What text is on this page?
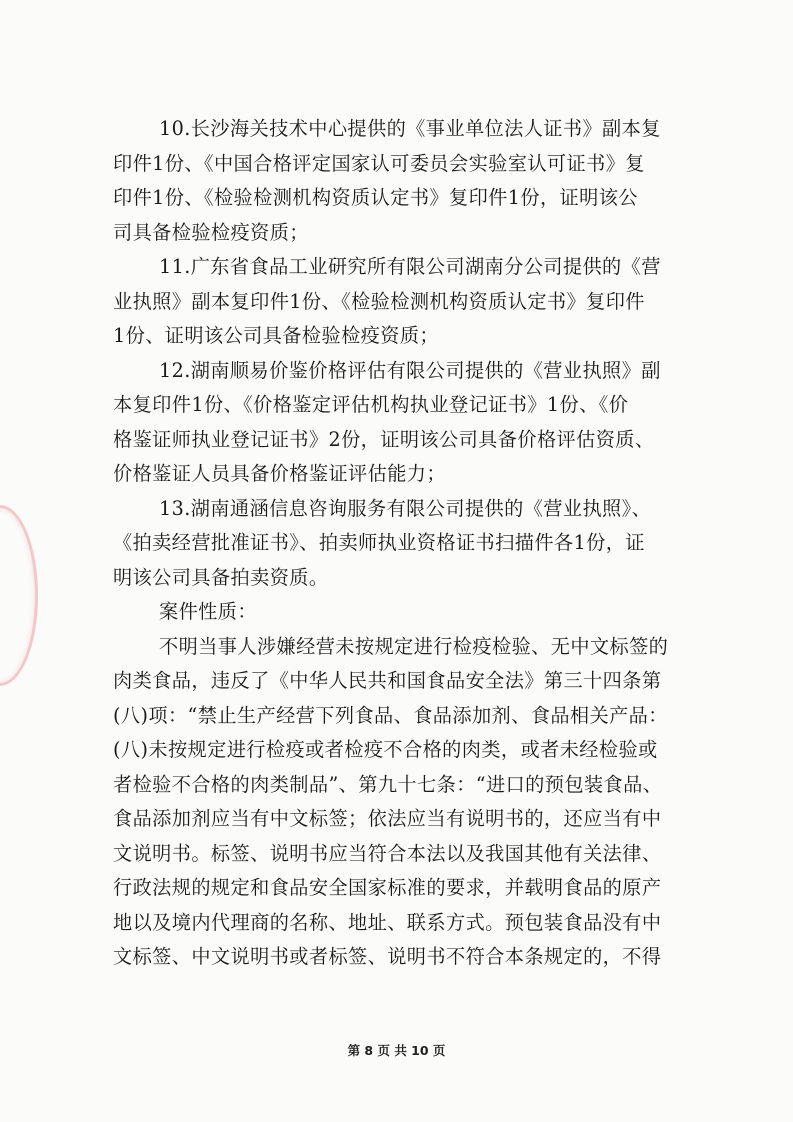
10.长沙海关技术中心提供的《事业单位法人证书》副本复
印件1份、《中国合格评定国家认可委员会实验室认可证书》复
印件1份、《检验检测机构资质认定书》复印件1份，证明该公
司具备检验检疫资质；
11.广东省食品工业研究所有限公司湖南分公司提供的《营
业执照》副本复印件1份、《检验检测机构资质认定书》复印件
1份、证明该公司具备检验检疫资质；
12.湖南顺易价鉴价格评估有限公司提供的《营业执照》副
本复印件1份、《价格鉴定评估机构执业登记证书》1份、《价
格鉴证师执业登记证书》2份，证明该公司具备价格评估资质、
价格鉴证人员具备价格鉴证评估能力；
13.湖南通涵信息咨询服务有限公司提供的《营业执照》、
《拍卖经营批准证书》、拍卖师执业资格证书扫描件各1份，证
明该公司具备拍卖资质。
案件性质：
不明当事人涉嫌经营未按规定进行检疫检验、无中文标签的
肉类食品，违反了《中华人民共和国食品安全法》第三十四条第
(八)项：“禁止生产经营下列食品、食品添加剂、食品相关产品：
(八)未按规定进行检疫或者检疫不合格的肉类，或者未经检验或
者检验不合格的肉类制品”、第九十七条：“进口的预包装食品、
食品添加剂应当有中文标签；依法应当有说明书的，还应当有中
文说明书。标签、说明书应当符合本法以及我国其他有关法律、
行政法规的规定和食品安全国家标准的要求，并载明食品的原产
地以及境内代理商的名称、地址、联系方式。预包装食品没有中
文标签、中文说明书或者标签、说明书不符合本条规定的，不得
第 8 页 共 10 页
